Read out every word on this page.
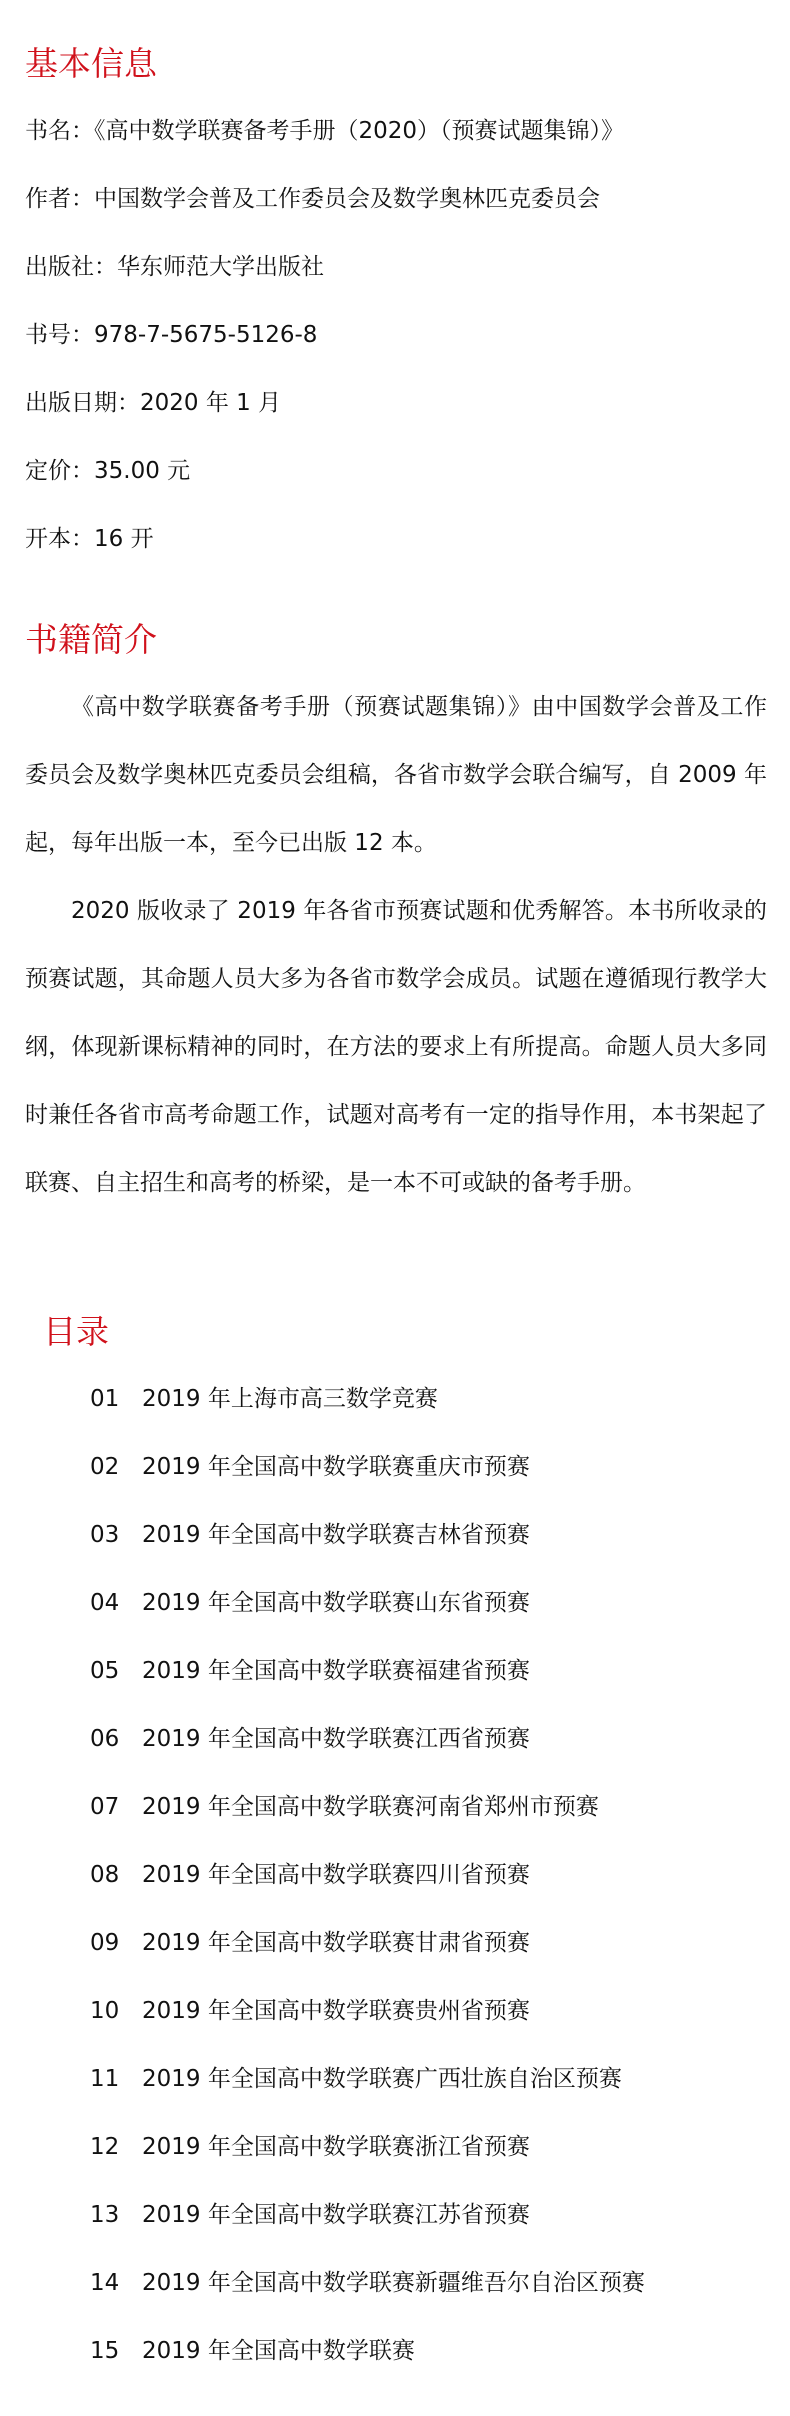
基本信息
书名：《高中数学联赛备考手册（2020）（预赛试题集锦）》
作者：中国数学会普及工作委员会及数学奥林匹克委员会
出版社：华东师范大学出版社
书号：978-7-5675-5126-8
出版日期：2020 年 1 月
定价：35.00 元
开本：16 开
书籍简介
《高中数学联赛备考手册（预赛试题集锦）》由中国数学会普及工作委员会及数学奥林匹克委员会组稿，各省市数学会联合编写，自 2009 年起，每年出版一本，至今已出版 12 本。
2020 版收录了 2019 年各省市预赛试题和优秀解答。本书所收录的预赛试题，其命题人员大多为各省市数学会成员。试题在遵循现行教学大纲，体现新课标精神的同时，在方法的要求上有所提高。命题人员大多同时兼任各省市高考命题工作，试题对高考有一定的指导作用，本书架起了联赛、自主招生和高考的桥梁，是一本不可或缺的备考手册。
目录
01 2019 年上海市高三数学竞赛
02 2019 年全国高中数学联赛重庆市预赛
03 2019 年全国高中数学联赛吉林省预赛
04 2019 年全国高中数学联赛山东省预赛
05 2019 年全国高中数学联赛福建省预赛
06 2019 年全国高中数学联赛江西省预赛
07 2019 年全国高中数学联赛河南省郑州市预赛
08 2019 年全国高中数学联赛四川省预赛
09 2019 年全国高中数学联赛甘肃省预赛
10 2019 年全国高中数学联赛贵州省预赛
11 2019 年全国高中数学联赛广西壮族自治区预赛
12 2019 年全国高中数学联赛浙江省预赛
13 2019 年全国高中数学联赛江苏省预赛
14 2019 年全国高中数学联赛新疆维吾尔自治区预赛
15 2019 年全国高中数学联赛
